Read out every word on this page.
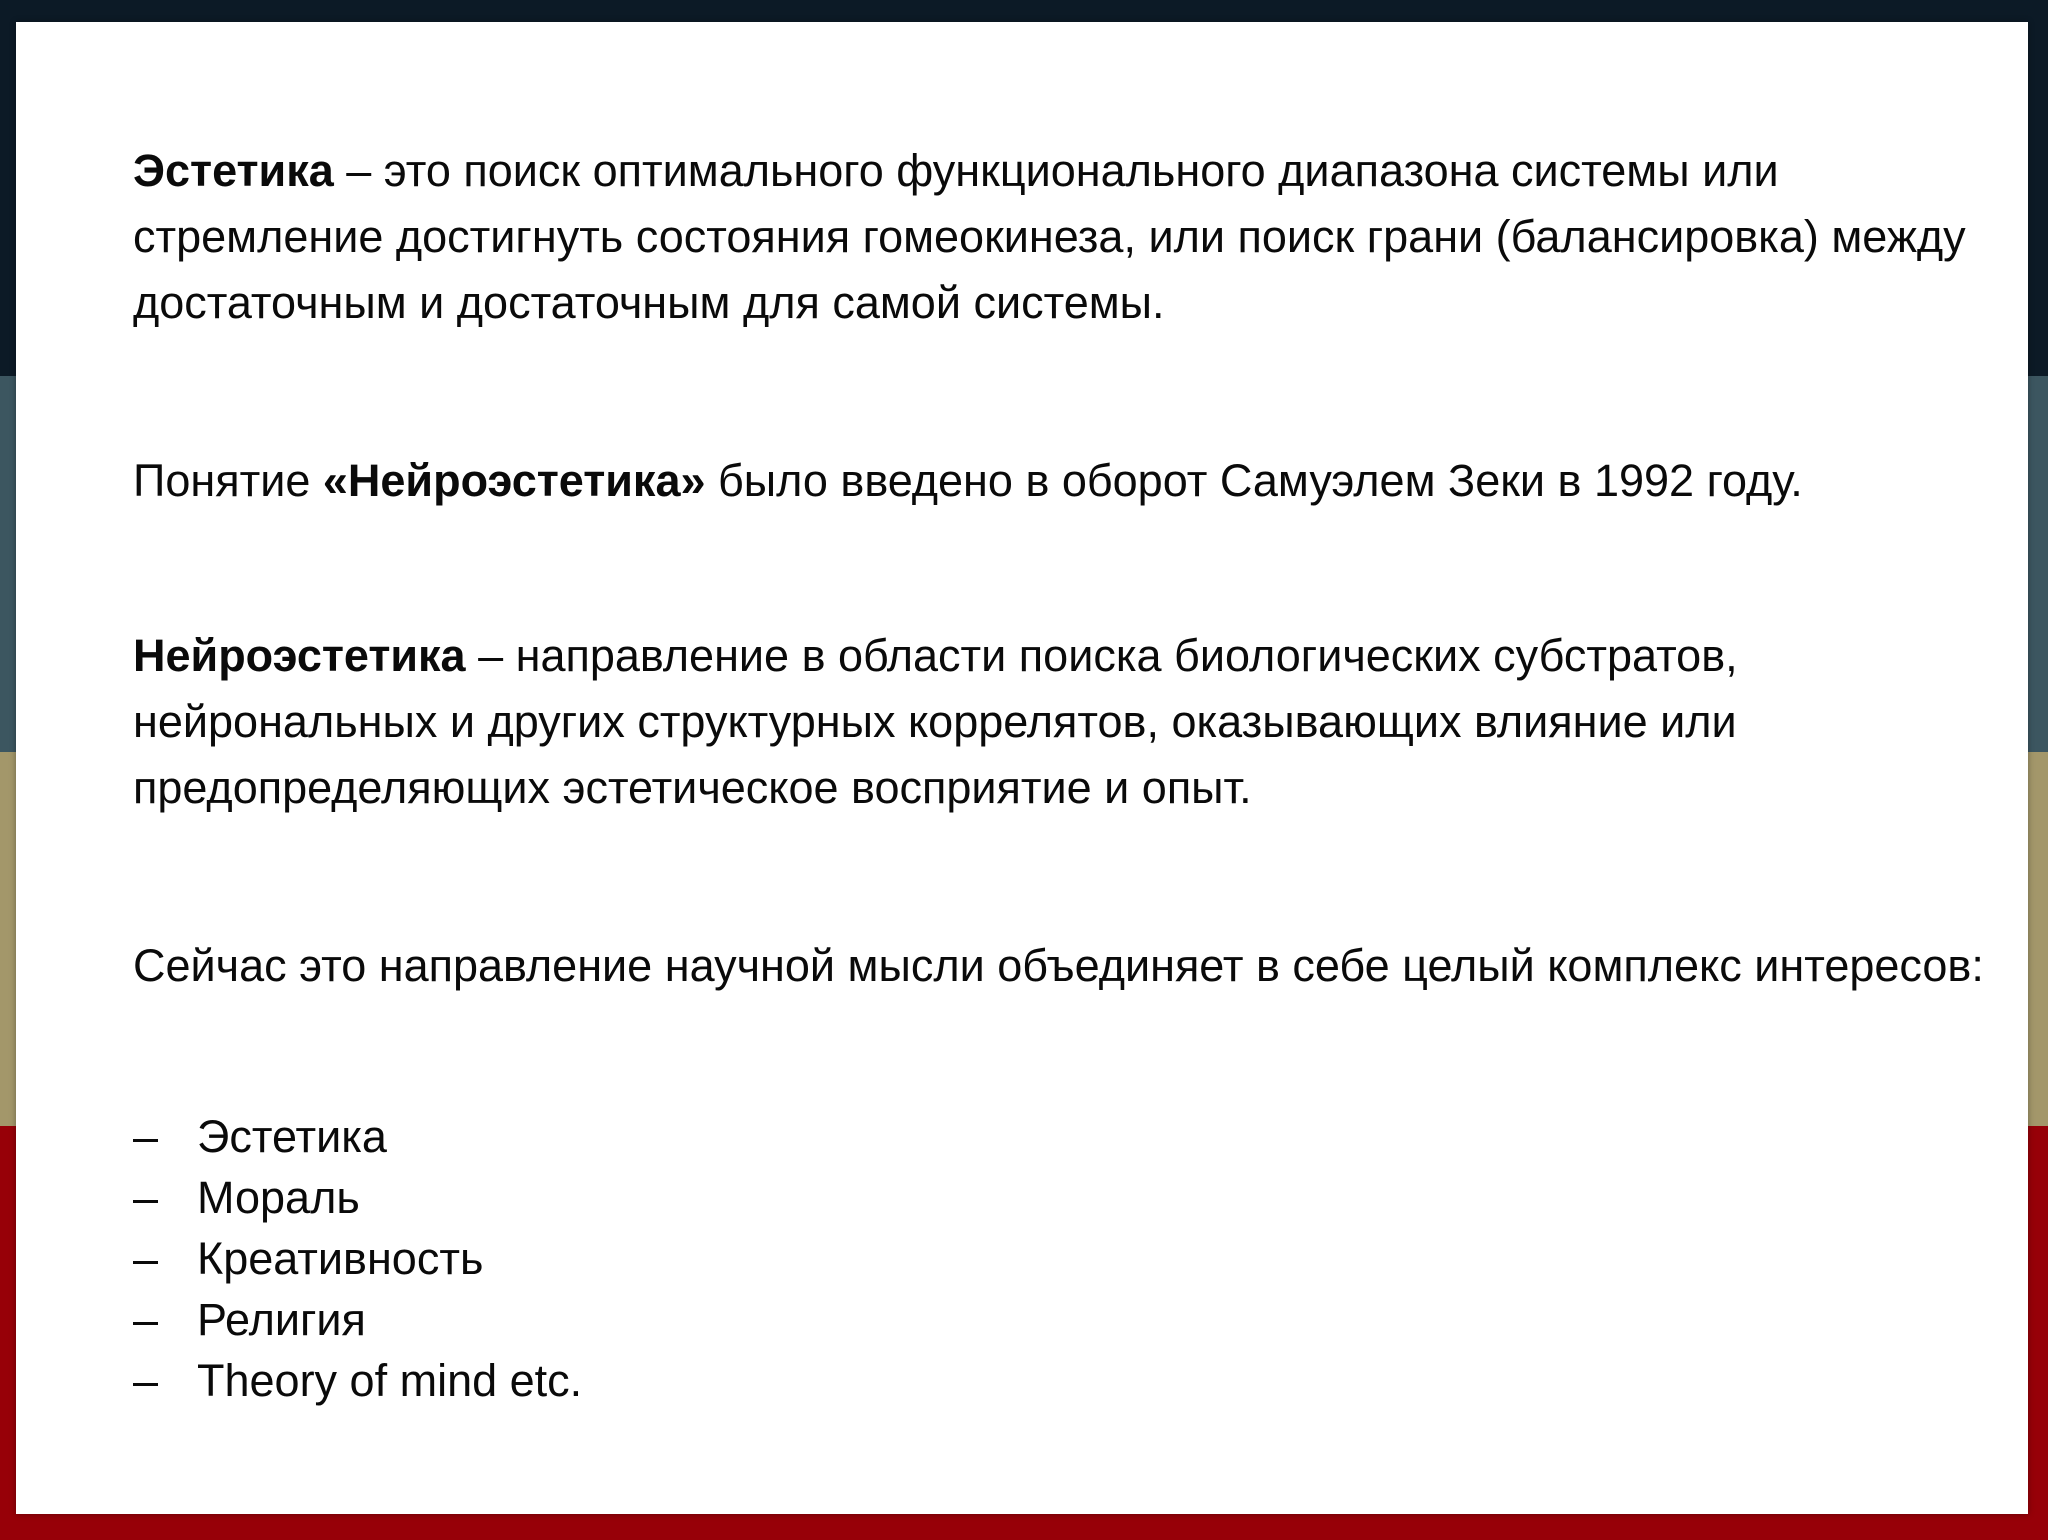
Эстетика – это поиск оптимального функционального диапазона системы или стремление достигнуть состояния гомеокинеза, или поиск грани (балансировка) между достаточным и достаточным для самой системы.

Понятие «Нейроэстетика» было введено в оборот Самуэлем Зеки в 1992 году.

Нейроэстетика – направление в области поиска биологических субстратов, нейрональных и других структурных коррелятов, оказывающих влияние или предопределяющих эстетическое восприятие и опыт.

Сейчас это направление научной мысли объединяет в себе целый комплекс интересов:

– Эстетика
– Мораль
– Креативность
– Религия
– Theory of mind etc.
